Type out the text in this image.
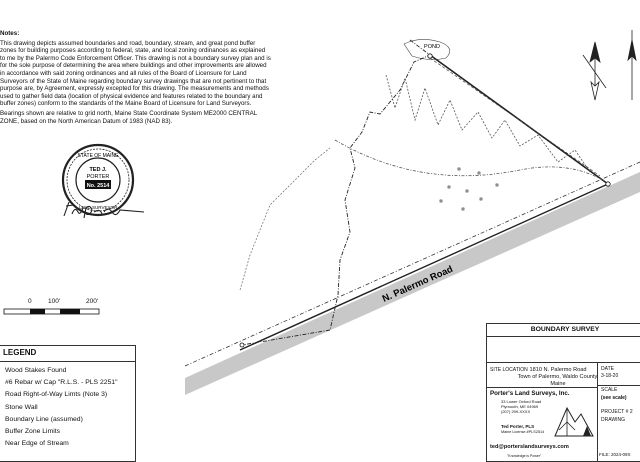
Notes:

This drawing depicts assumed boundaries and road, boundary, stream, and great pond buffer zones for building purposes according to federal, state, and local zoning ordinances as explained to me by the Palermo Code Enforcement Officer. This drawing is not a boundary survey plan and is for the sole purpose of determining the area where buildings and other improvements are allowed in accordance with said zoning ordinances and all rules of the Board of Licensure for Land Surveyors of the State of Maine regarding boundary survey drawings that are not pertinent to that purpose are, by Agreement, expressly excepted for this drawing. The measurements and methods used to gather field data (location of physical evidence and features related to the boundary and buffer zones) conform to the standards of the Maine Board of Licensure for Land Surveyors.

Bearings shown are relative to grid north, Maine State Coordinate System ME2000 CENTRAL ZONE, based on the North American Datum of 1983 (NAD 83).

STATE OF MAINE
TED J.
PORTER
No. 2514
LAND SURVEYOR
0	100'	200'
POND
N. Palermo Road
LEGEND
Wood Stakes Found
#6 Rebar w/ Cap "R.L.S. - PLS 2251"
Road Right-of-Way Limts (Note 3)
Stone Wall
Boundary Line (assumed)
Buffer Zone Limits
Near Edge of Stream
BOUNDARY SURVEY
SITE LOCATION 1810 N. Palermo Road
Town of Palermo, Waldo County, Maine
DATE
3-18-20
Porter's Land Surveys, Inc.
33 Lower Oxford Road
Plymouth, ME 04969
(207) 299-XXXX
Ted Porter, PLS
Maine License #PLS2514
ted@porterslandsurveys.com
"Knowledge is Power"
SCALE
(see scale)
PROJECT # 2
DRAWING
FILE: 2024-09X
